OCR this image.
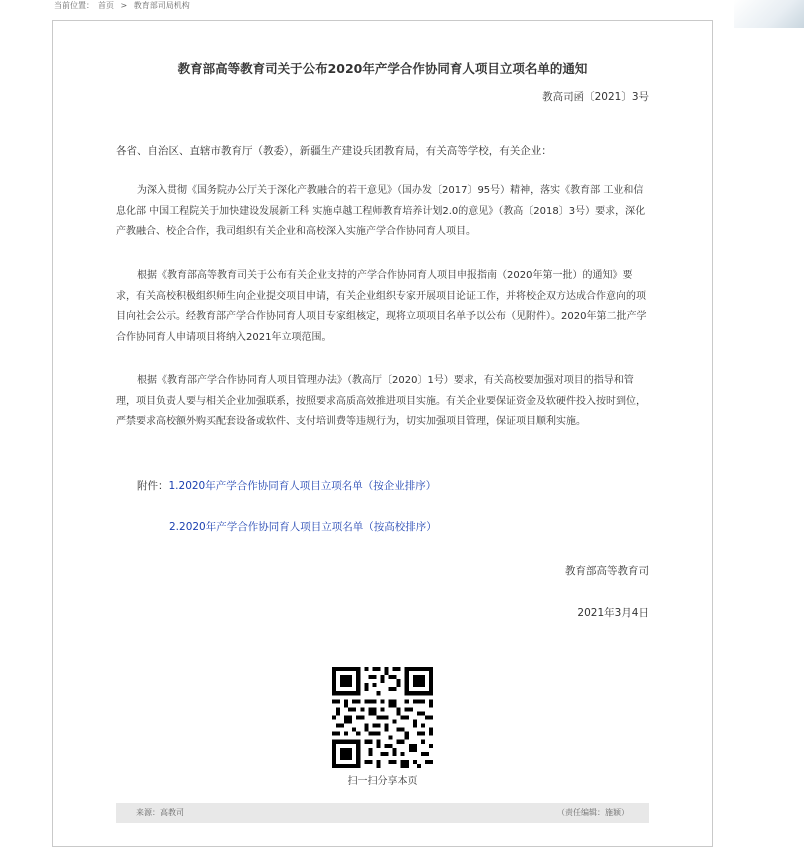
当前位置： 首页 > 教育部司局机构
教育部高等教育司关于公布2020年产学合作协同育人项目立项名单的通知
教高司函〔2021〕3号
各省、自治区、直辖市教育厅（教委），新疆生产建设兵团教育局，有关高等学校，有关企业：
为深入贯彻《国务院办公厅关于深化产教融合的若干意见》（国办发〔2017〕95号）精神，落实《教育部 工业和信息化部 中国工程院关于加快建设发展新工科 实施卓越工程师教育培养计划2.0的意见》（教高〔2018〕3号）要求，深化产教融合、校企合作，我司组织有关企业和高校深入实施产学合作协同育人项目。
根据《教育部高等教育司关于公布有关企业支持的产学合作协同育人项目申报指南（2020年第一批）的通知》要求，有关高校积极组织师生向企业提交项目申请，有关企业组织专家开展项目论证工作，并将校企双方达成合作意向的项目向社会公示。经教育部产学合作协同育人项目专家组核定，现将立项项目名单予以公布（见附件）。2020年第二批产学合作协同育人申请项目将纳入2021年立项范围。
根据《教育部产学合作协同育人项目管理办法》（教高厅〔2020〕1号）要求，有关高校要加强对项目的指导和管理，项目负责人要与相关企业加强联系，按照要求高质高效推进项目实施。有关企业要保证资金及软硬件投入按时到位，严禁要求高校额外购买配套设备或软件、支付培训费等违规行为，切实加强项目管理，保证项目顺利实施。
附件：1.2020年产学合作协同育人项目立项名单（按企业排序）
2.2020年产学合作协同育人项目立项名单（按高校排序）
教育部高等教育司
2021年3月4日
扫一扫分享本页
来源：高教司	（责任编辑：施颖）
